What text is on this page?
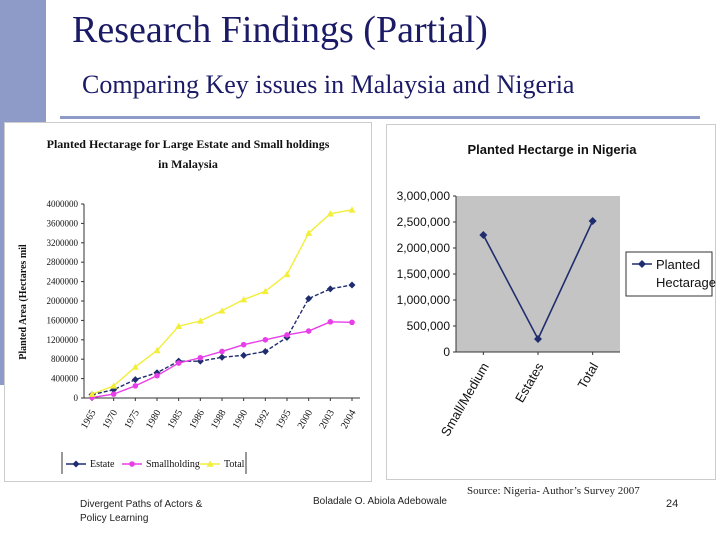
Research Findings (Partial)
Comparing Key issues in Malaysia and Nigeria
Planted Hectarage for Large Estate and Small holdings
in Malaysia
Planted Area (Hectares mil
0
400000
800000
1200000
1600000
2000000
2400000
2800000
3200000
3600000
4000000
1965 1970 1975 1980 1985 1986 1988 1990 1992 1995 2000 2003 2004
Estate	Smallholding Total
Planted Hectarge in Nigeria
0
500,000
1,000,000
1,500,000
2,000,000
2,500,000
3,000,000
Small/Medium Estates Total
Planted
Hectarage
Divergent Paths of Actors &
Policy Learning
Boladale O. Abiola Adebowale
Source: Nigeria- Author’s Survey 2007
24
